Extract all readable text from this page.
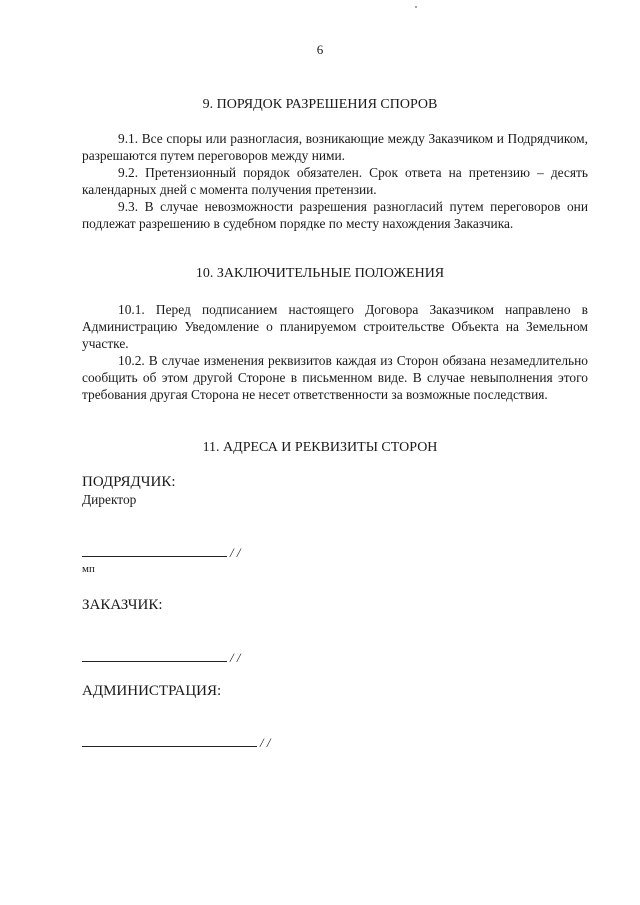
6
9. ПОРЯДОК РАЗРЕШЕНИЯ СПОРОВ

9.1. Все споры или разногласия, возникающие между Заказчиком и Подрядчиком, разрешаются путем переговоров между ними.

9.2. Претензионный порядок обязателен. Срок ответа на претензию – десять календарных дней с момента получения претензии.

9.3. В случае невозможности разрешения разногласий путем переговоров они подлежат разрешению в судебном порядке по месту нахождения Заказчика.

10. ЗАКЛЮЧИТЕЛЬНЫЕ ПОЛОЖЕНИЯ

10.1. Перед подписанием настоящего Договора Заказчиком направлено в Администрацию Уведомление о планируемом строительстве Объекта на Земельном участке.

10.2. В случае изменения реквизитов каждая из Сторон обязана незамедлительно сообщить об этом другой Стороне в письменном виде. В случае невыполнения этого требования другая Сторона не несет ответственности за возможные последствия.

11. АДРЕСА И РЕКВИЗИТЫ СТОРОН
ПОДРЯДЧИК:
Директор
/ /
мп
ЗАКАЗЧИК:
/ /
АДМИНИСТРАЦИЯ:
/ /
